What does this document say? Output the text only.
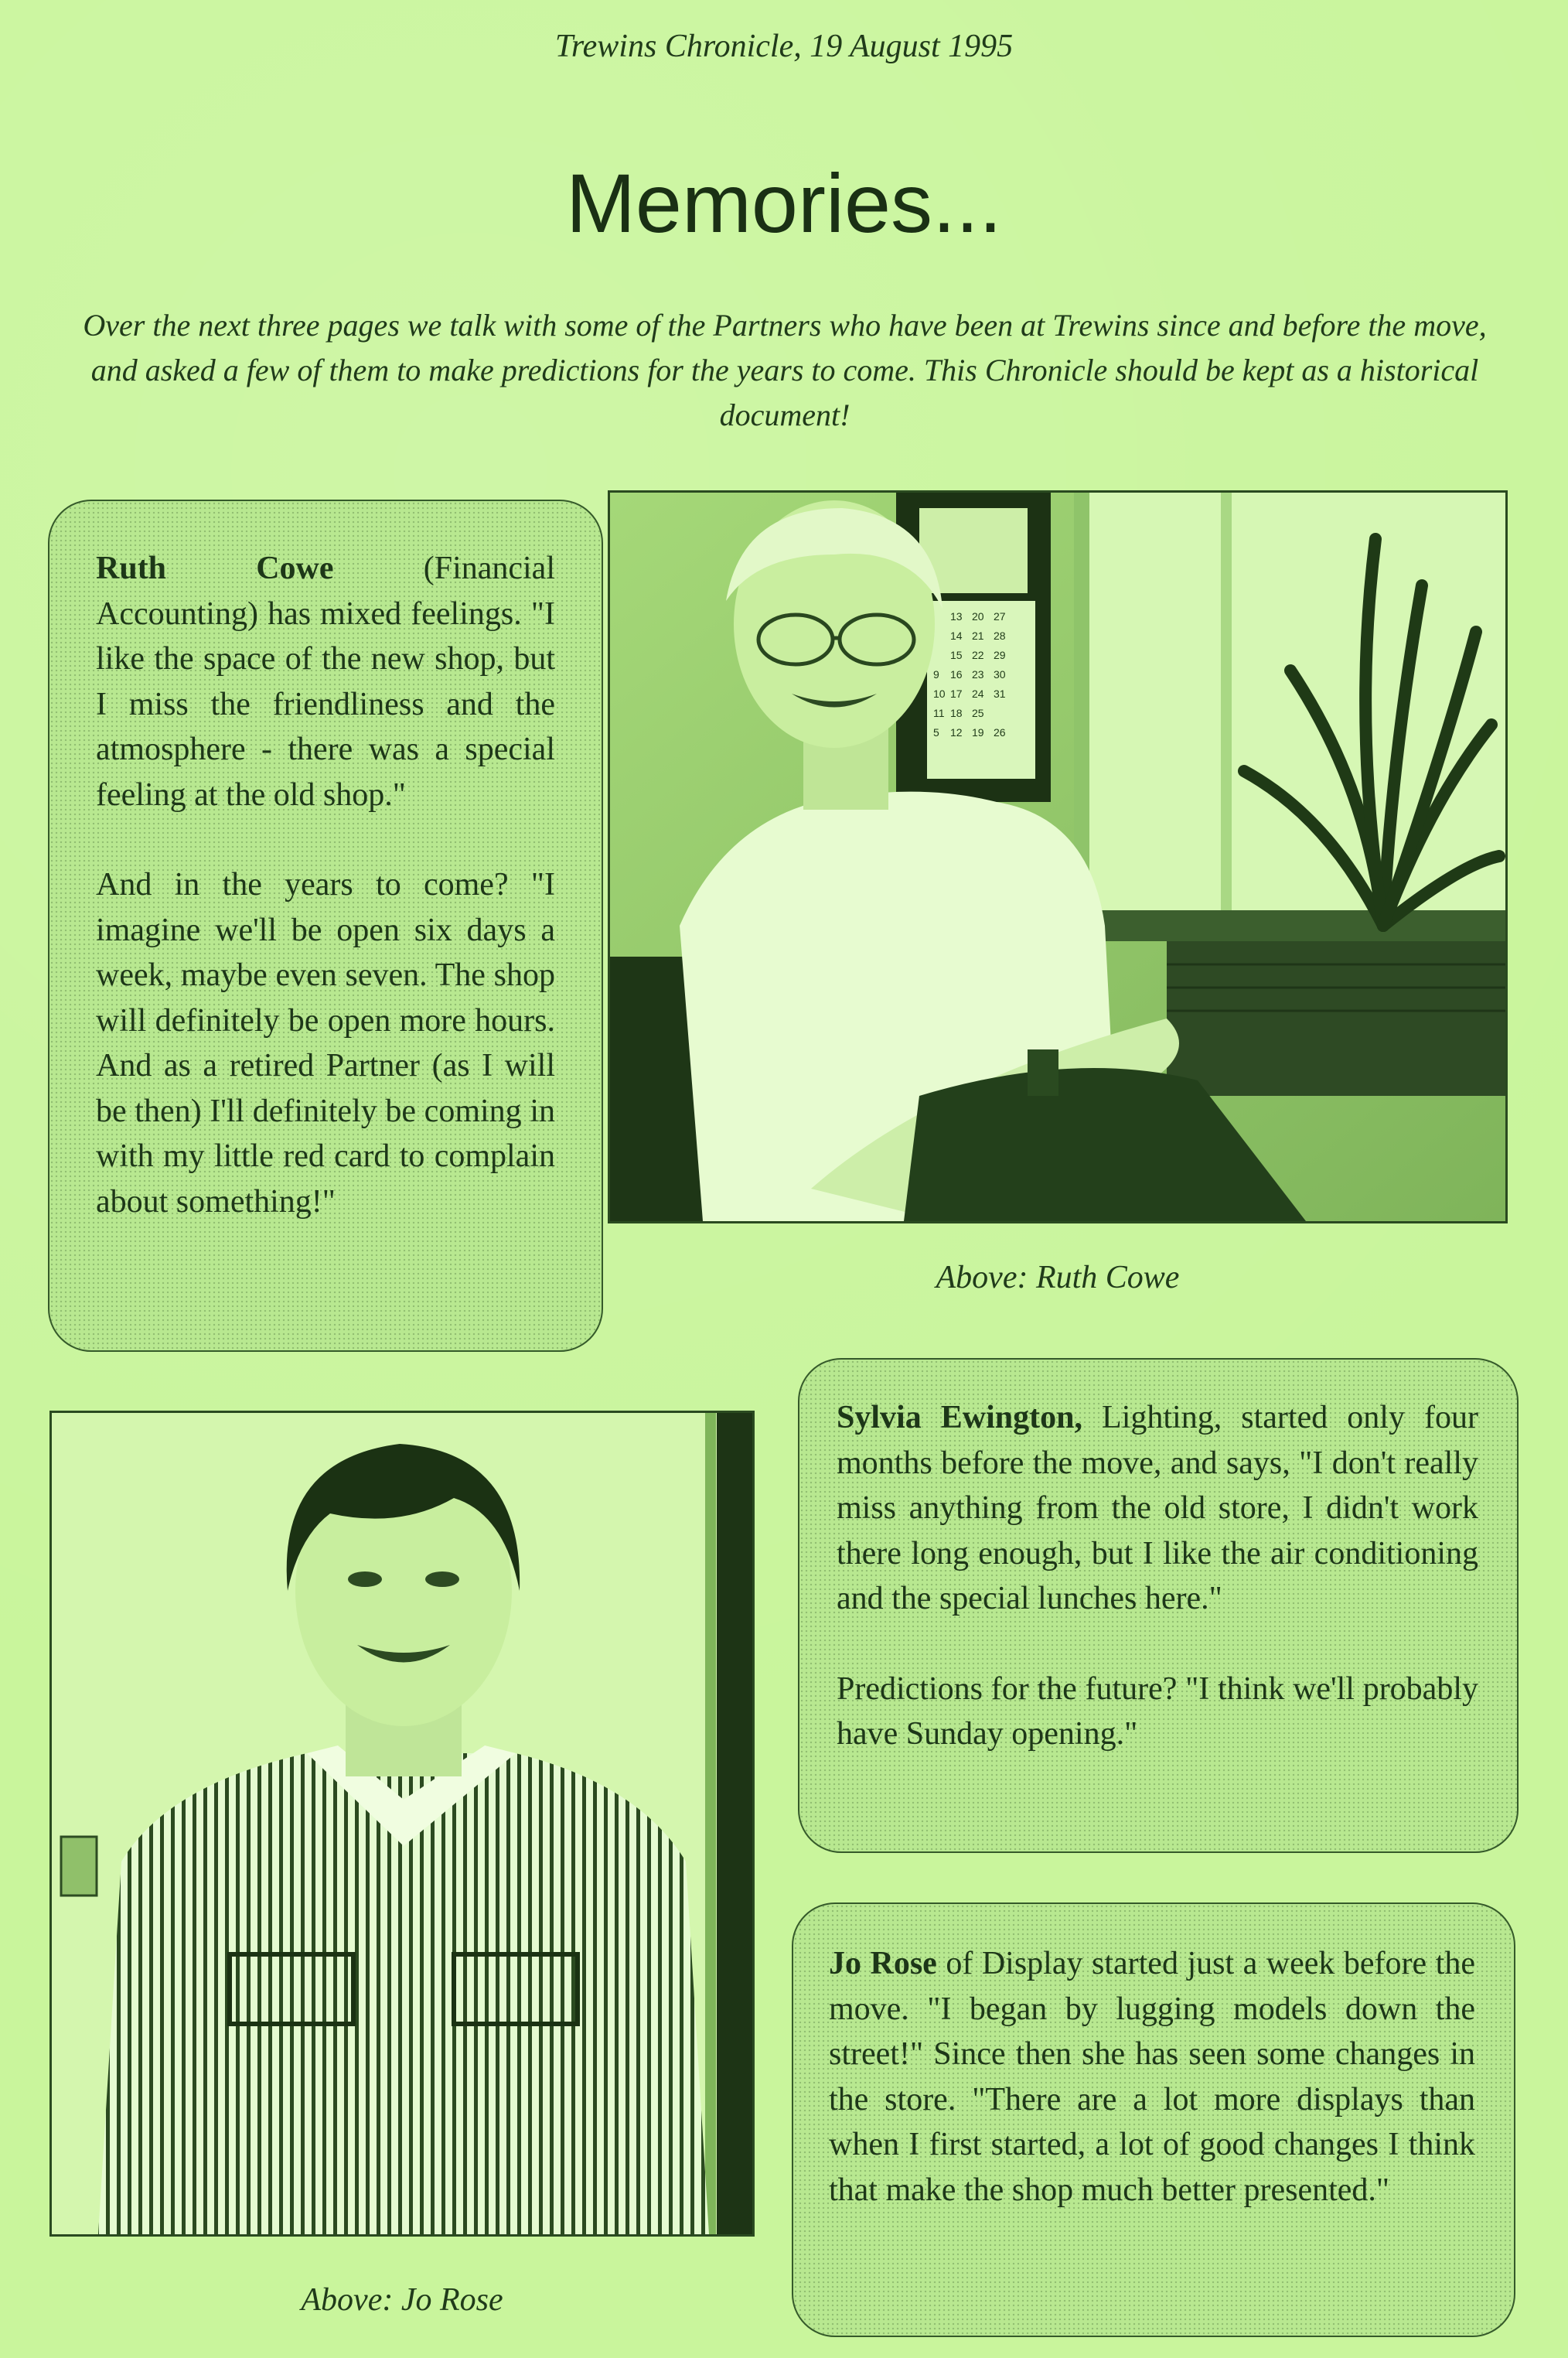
Trewins Chronicle, 19 August 1995
Memories...
Over the next three pages we talk with some of the Partners who have been at Trewins since and before the move, and asked a few of them to make predictions for the years to come. This Chronicle should be kept as a historical document!

Ruth Cowe (Financial Accounting) has mixed feelings. "I like the space of the new shop, but I miss the friendliness and the atmosphere - there was a special feeling at the old shop."

And in the years to come? "I imagine we'll be open six days a week, maybe even seven. The shop will definitely be open more hours. And as a retired Partner (as I will be then) I'll definitely be coming in with my little red card to complain about something!"

13 20 27
14 21 28
15 22 29
9 16 23 30
10 17 24 31
11 18 25
5 12 19 26
Above: Ruth Cowe
Above: Jo Rose

Sylvia Ewington, Lighting, started only four months before the move, and says, "I don't really miss anything from the old store, I didn't work there long enough, but I like the air conditioning and the special lunches here."

Predictions for the future? "I think we'll probably have Sunday opening."

Jo Rose of Display started just a week before the move. "I began by lugging models down the street!" Since then she has seen some changes in the store. "There are a lot more displays than when I first started, a lot of good changes I think that make the shop much better presented."
